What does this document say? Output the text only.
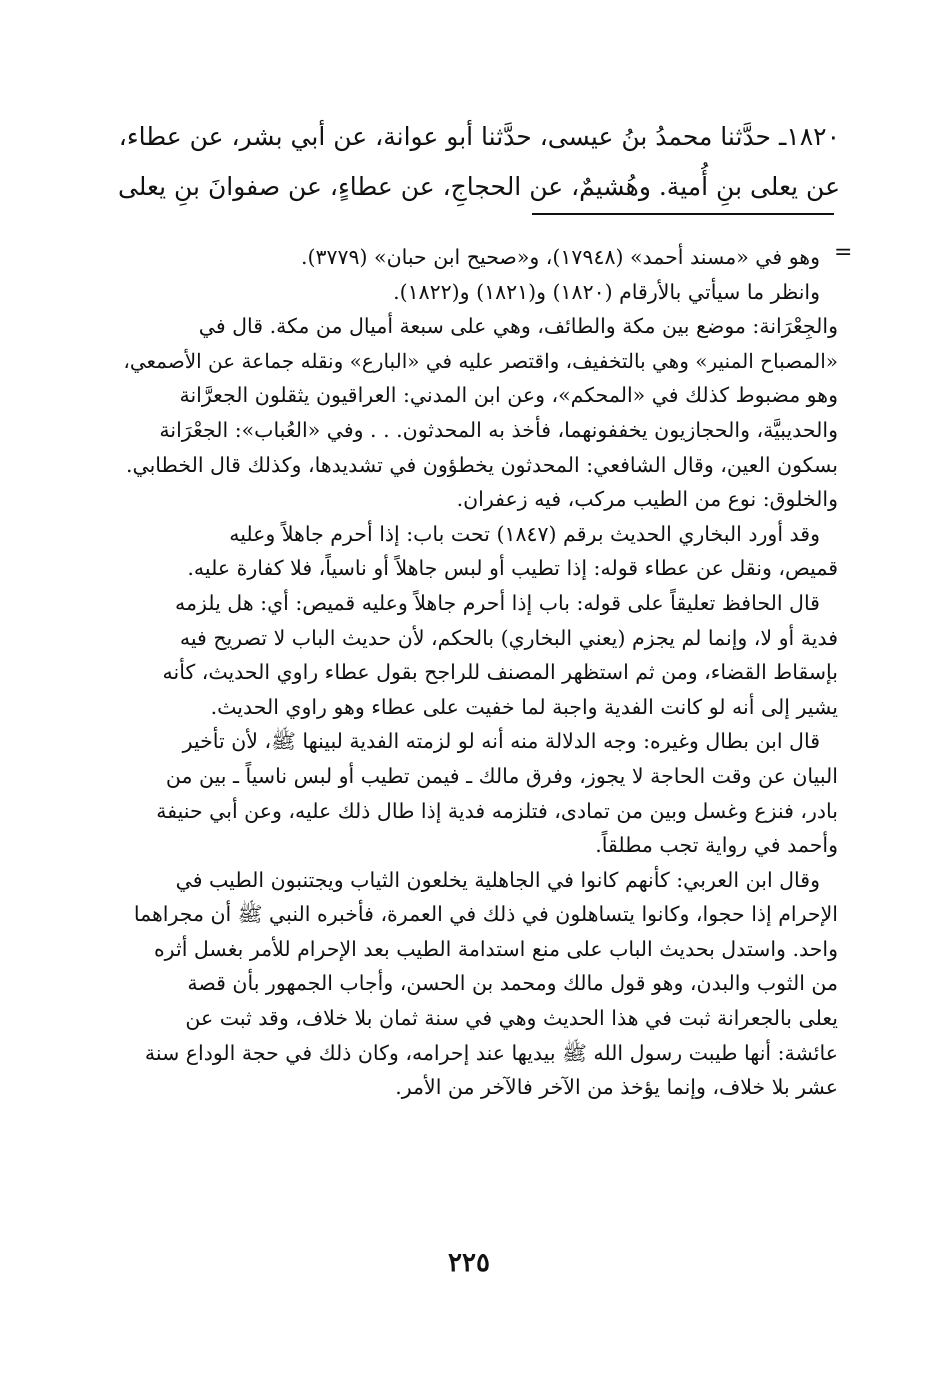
١٨٢٠ـ حدَّثنا محمدُ بنُ عيسى، حدَّثنا أبو عوانة، عن أبي بشر، عن عطاء،
عن يعلى بنِ أُمية. وهُشيمٌ، عن الحجاجِ، عن عطاءٍ، عن صفوانَ بنِ يعلى
=
وهو في «مسند أحمد» (١٧٩٤٨)، و«صحيح ابن حبان» (٣٧٧٩).
وانظر ما سيأتي بالأرقام (١٨٢٠) و(١٨٢١) و(١٨٢٢).
والجِعْرَانة: موضع بين مكة والطائف، وهي على سبعة أميال من مكة. قال في
«المصباح المنير» وهي بالتخفيف، واقتصر عليه في «البارع» ونقله جماعة عن الأصمعي،
وهو مضبوط كذلك في «المحكم»، وعن ابن المدني: العراقيون يثقلون الجعرَّانة
والحديبيَّة، والحجازيون يخففونهما، فأخذ به المحدثون. . . وفي «العُباب»: الجعْرَانة
بسكون العين، وقال الشافعي: المحدثون يخطؤون في تشديدها، وكذلك قال الخطابي.
والخلوق: نوع من الطيب مركب، فيه زعفران.
وقد أورد البخاري الحديث برقم (١٨٤٧) تحت باب: إذا أحرم جاهلاً وعليه
قميص، ونقل عن عطاء قوله: إذا تطيب أو لبس جاهلاً أو ناسياً، فلا كفارة عليه.
قال الحافظ تعليقاً على قوله: باب إذا أحرم جاهلاً وعليه قميص: أي: هل يلزمه
فدية أو لا، وإنما لم يجزم (يعني البخاري) بالحكم، لأن حديث الباب لا تصريح فيه
بإسقاط القضاء، ومن ثم استظهر المصنف للراجح بقول عطاء راوي الحديث، كأنه
يشير إلى أنه لو كانت الفدية واجبة لما خفيت على عطاء وهو راوي الحديث.
قال ابن بطال وغيره: وجه الدلالة منه أنه لو لزمته الفدية لبينها ﷺ، لأن تأخير
البيان عن وقت الحاجة لا يجوز، وفرق مالك ـ فيمن تطيب أو لبس ناسياً ـ بين من
بادر، فنزع وغسل وبين من تمادى، فتلزمه فدية إذا طال ذلك عليه، وعن أبي حنيفة
وأحمد في رواية تجب مطلقاً.
وقال ابن العربي: كأنهم كانوا في الجاهلية يخلعون الثياب ويجتنبون الطيب في
الإحرام إذا حجوا، وكانوا يتساهلون في ذلك في العمرة، فأخبره النبي ﷺ أن مجراهما
واحد. واستدل بحديث الباب على منع استدامة الطيب بعد الإحرام للأمر بغسل أثره
من الثوب والبدن، وهو قول مالك ومحمد بن الحسن، وأجاب الجمهور بأن قصة
يعلى بالجعرانة ثبت في هذا الحديث وهي في سنة ثمان بلا خلاف، وقد ثبت عن
عائشة: أنها طيبت رسول الله ﷺ بيديها عند إحرامه، وكان ذلك في حجة الوداع سنة
عشر بلا خلاف، وإنما يؤخذ من الآخر فالآخر من الأمر.
٢٢٥
